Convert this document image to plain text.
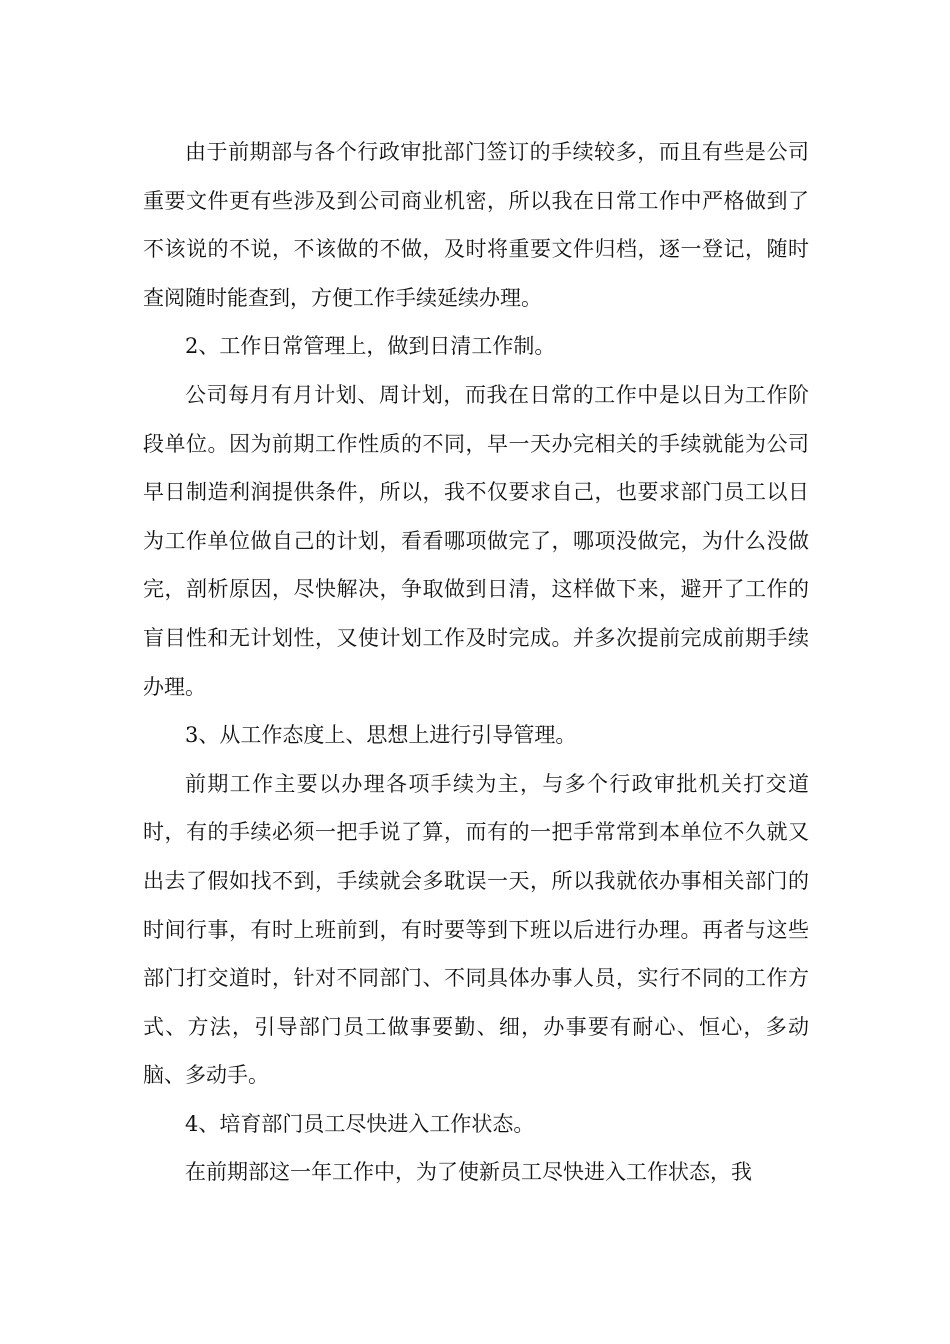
由于前期部与各个行政审批部门签订的手续较多，而且有些是公司重要文件更有些涉及到公司商业机密，所以我在日常工作中严格做到了不该说的不说，不该做的不做，及时将重要文件归档，逐一登记，随时查阅随时能查到，方便工作手续延续办理。

2、工作日常管理上，做到日清工作制。

公司每月有月计划、周计划，而我在日常的工作中是以日为工作阶段单位。因为前期工作性质的不同，早一天办完相关的手续就能为公司早日制造利润提供条件，所以，我不仅要求自己，也要求部门员工以日为工作单位做自己的计划，看看哪项做完了，哪项没做完，为什么没做完，剖析原因，尽快解决，争取做到日清，这样做下来，避开了工作的盲目性和无计划性，又使计划工作及时完成。并多次提前完成前期手续办理。

3、从工作态度上、思想上进行引导管理。

前期工作主要以办理各项手续为主，与多个行政审批机关打交道时，有的手续必须一把手说了算，而有的一把手常常到本单位不久就又出去了假如找不到，手续就会多耽误一天，所以我就依办事相关部门的时间行事，有时上班前到，有时要等到下班以后进行办理。再者与这些部门打交道时，针对不同部门、不同具体办事人员，实行不同的工作方式、方法，引导部门员工做事要勤、细，办事要有耐心、恒心，多动脑、多动手。

4、培育部门员工尽快进入工作状态。

在前期部这一年工作中，为了使新员工尽快进入工作状态，我
